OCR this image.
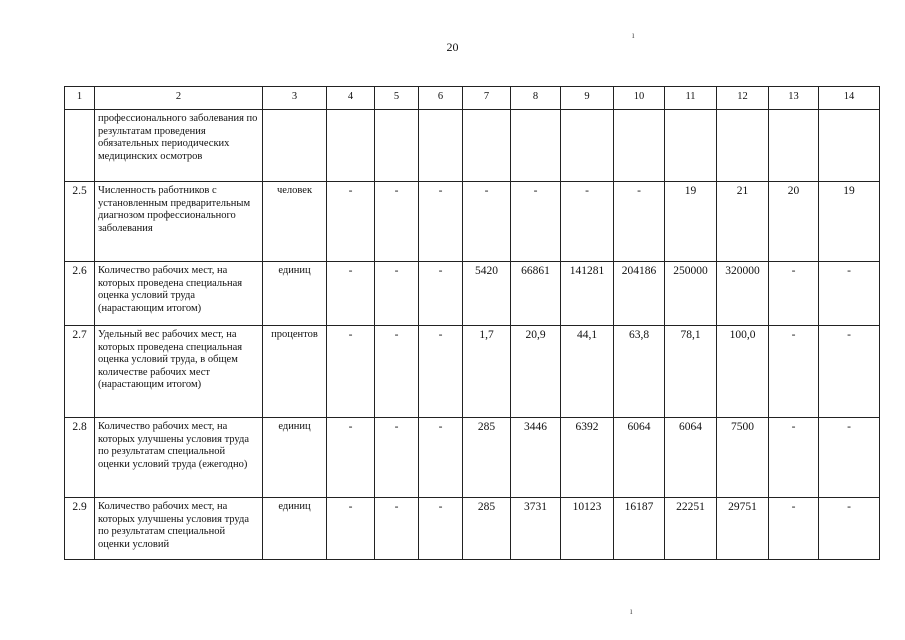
20
ı
ı
1	2	3	4	5	6	7	8	9	10	11	12	13	14
	профессионального заболевания по результатам проведения обязательных периодических медицинских осмотров												
2.5	Численность работников с установленным предварительным диагнозом профессионального заболевания	человек	-	-	-	-	-	-	-	19	21	20	19
2.6	Количество рабочих мест, на которых проведена специальная оценка условий труда (нарастающим итогом)	единиц	-	-	-	5420	66861	141281	204186	250000	320000	-	-
2.7	Удельный вес рабочих мест, на которых проведена специальная оценка условий труда, в общем количестве рабочих мест (нарастающим итогом)	процентов	-	-	-	1,7	20,9	44,1	63,8	78,1	100,0	-	-
2.8	Количество рабочих мест, на которых улучшены условия труда по результатам специальной оценки условий труда (ежегодно)	единиц	-	-	-	285	3446	6392	6064	6064	7500	-	-
2.9	Количество рабочих мест, на которых улучшены условия труда по результатам специальной оценки условий	единиц	-	-	-	285	3731	10123	16187	22251	29751	-	-
